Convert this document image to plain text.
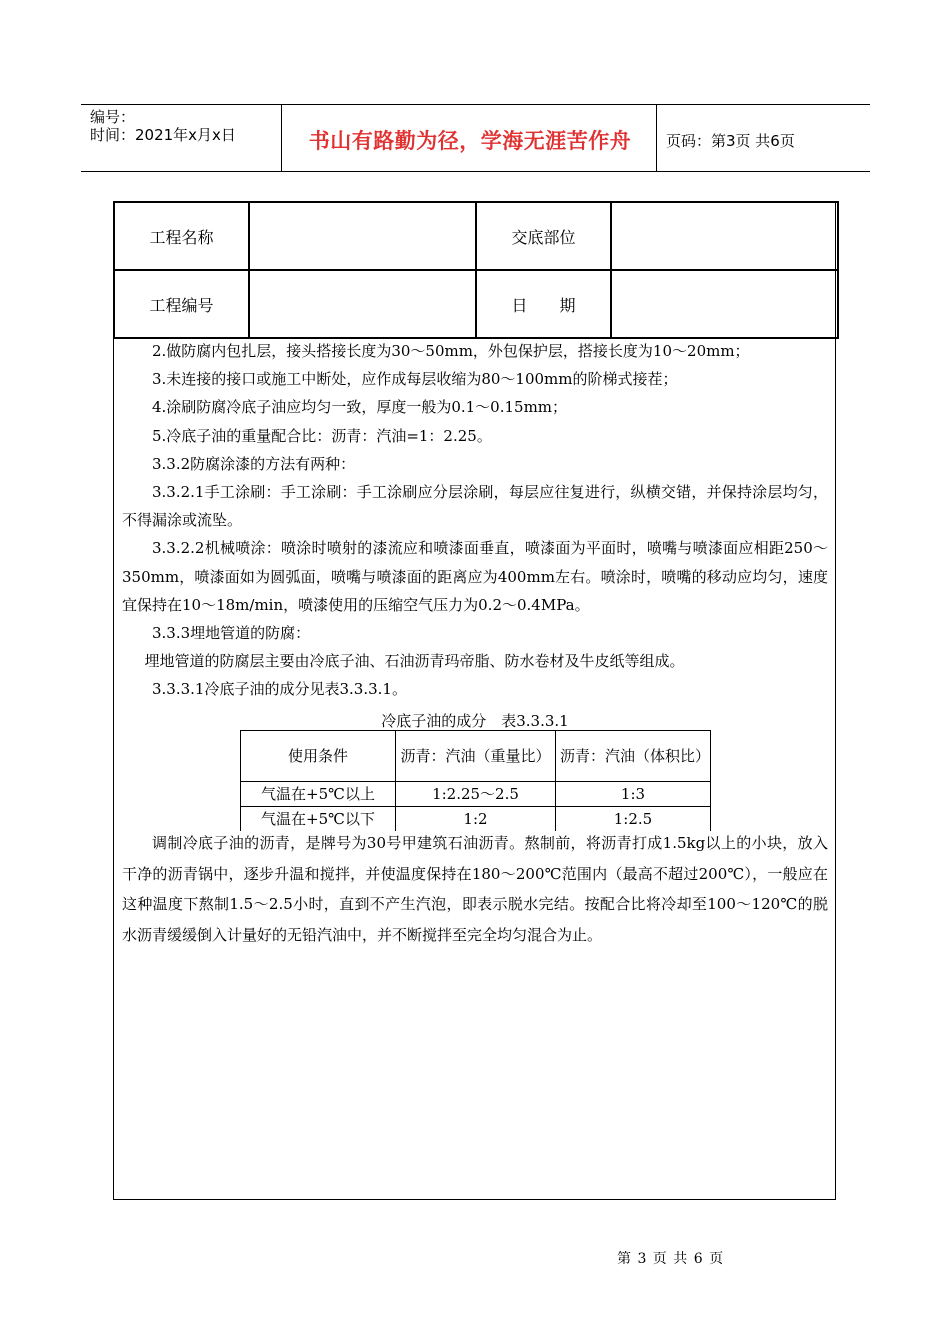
编号：
时间：2021年x月x日	书山有路勤为径，学海无涯苦作舟	页码：第3页 共6页
工程名称		交底部位	
工程编号		日　　期	

2.做防腐内包扎层，接头搭接长度为30～50mm，外包保护层，搭接长度为10～20mm；

3.未连接的接口或施工中断处，应作成每层收缩为80～100mm的阶梯式接茬；

4.涂刷防腐冷底子油应均匀一致，厚度一般为0.1～0.15mm；

5.冷底子油的重量配合比：沥青：汽油=1：2.25。

3.3.2防腐涂漆的方法有两种：

3.3.2.1手工涂刷：手工涂刷：手工涂刷应分层涂刷，每层应往复进行，纵横交错，并保持涂层均匀，不得漏涂或流坠。

3.3.2.2机械喷涂：喷涂时喷射的漆流应和喷漆面垂直，喷漆面为平面时，喷嘴与喷漆面应相距250～350mm，喷漆面如为圆弧面，喷嘴与喷漆面的距离应为400mm左右。喷涂时，喷嘴的移动应均匀，速度宜保持在10～18m/min，喷漆使用的压缩空气压力为0.2～0.4MPa。

3.3.3埋地管道的防腐：

埋地管道的防腐层主要由冷底子油、石油沥青玛帝脂、防水卷材及牛皮纸等组成。

3.3.3.1冷底子油的成分见表3.3.3.1。

冷底子油的成分　表3.3.3.1
使用条件	沥青：汽油（重量比）	沥青：汽油（体积比）
气温在+5℃以上	1:2.25～2.5	1:3
气温在+5℃以下	1:2	1:2.5

调制冷底子油的沥青，是牌号为30号甲建筑石油沥青。熬制前，将沥青打成1.5kg以上的小块，放入干净的沥青锅中，逐步升温和搅拌，并使温度保持在180～200℃范围内（最高不超过200℃），一般应在这种温度下熬制1.5～2.5小时，直到不产生汽泡，即表示脱水完结。按配合比将冷却至100～120℃的脱水沥青缓缓倒入计量好的无铅汽油中，并不断搅拌至完全均匀混合为止。

第 3 页 共 6 页
